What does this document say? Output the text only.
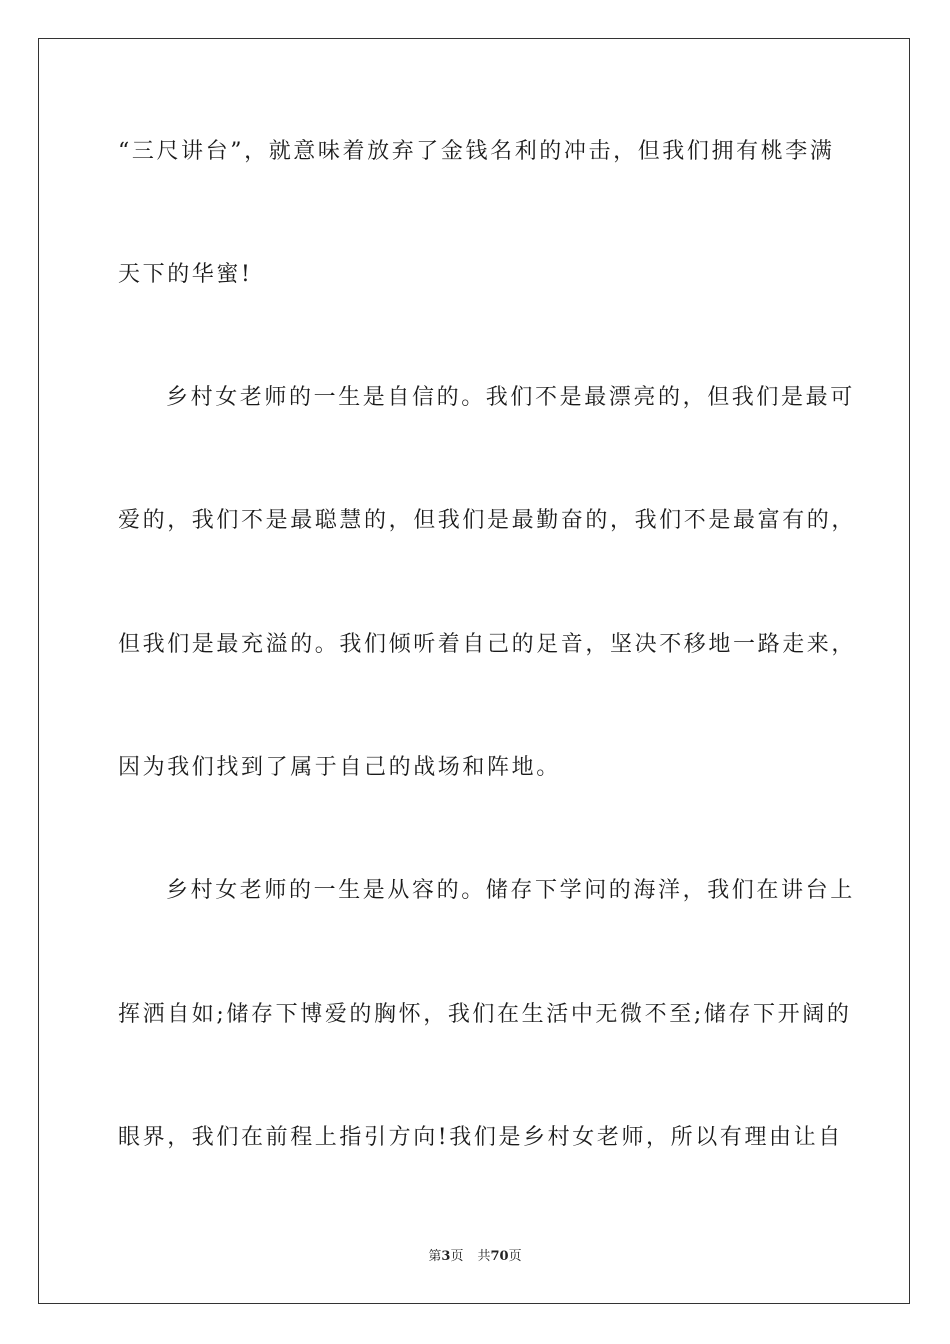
“三尺讲台”，就意味着放弃了金钱名利的冲击，但我们拥有桃李满
天下的华蜜!
乡村女老师的一生是自信的。我们不是最漂亮的，但我们是最可
爱的，我们不是最聪慧的，但我们是最勤奋的，我们不是最富有的，
但我们是最充溢的。我们倾听着自己的足音，坚决不移地一路走来，
因为我们找到了属于自己的战场和阵地。
乡村女老师的一生是从容的。储存下学问的海洋，我们在讲台上
挥洒自如;储存下博爱的胸怀，我们在生活中无微不至;储存下开阔的
眼界，我们在前程上指引方向!我们是乡村女老师，所以有理由让自
第3页 共70页
